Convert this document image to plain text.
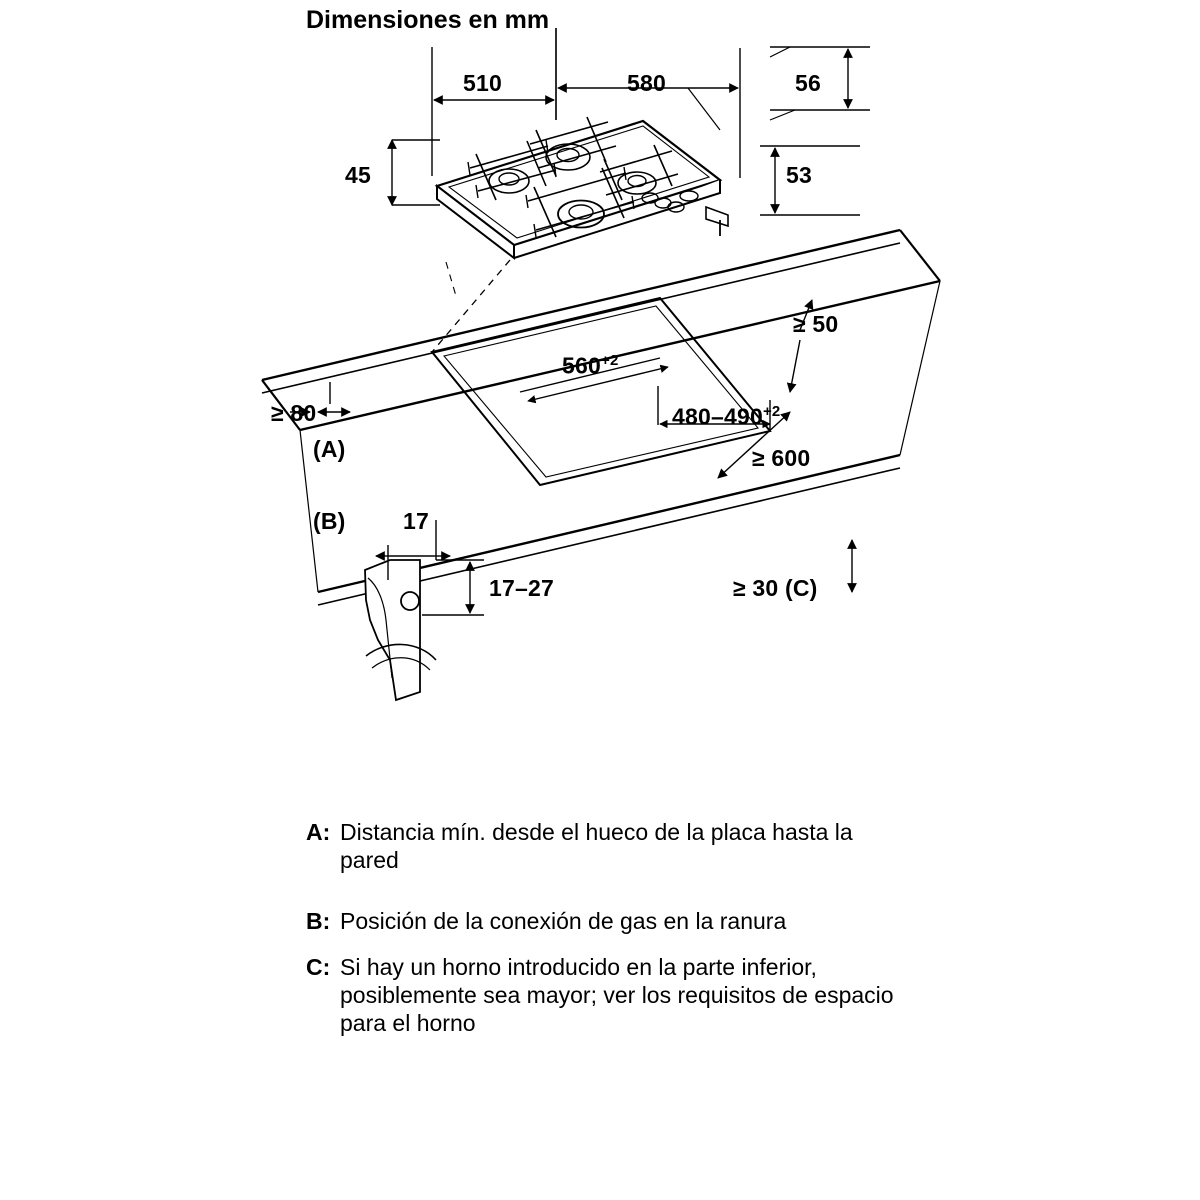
Dimensiones en mm
510	580	56
45	53
≥ 50
$560^{+2}$
$480-490^{+2}$
≥ 600
≥ 80
(A)
(B) 17
17–27	≥ 30 (C)
A: Distancia mín. desde el hueco de la placa hasta la pared
B: Posición de la conexión de gas en la ranura
C: Si hay un horno introducido en la parte inferior, posiblemente sea mayor; ver los requisitos de espacio para el horno
